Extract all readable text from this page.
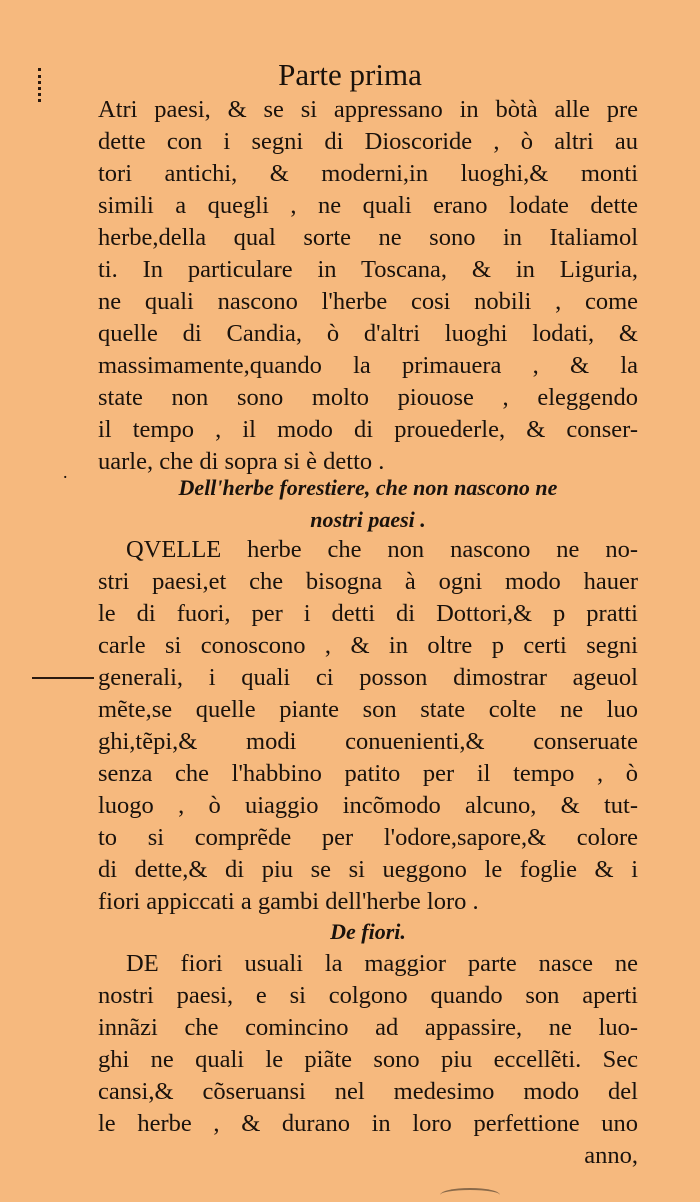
.
Parte prima
Atri paesi, & se si appressano in bòtà alle pre
dette con i segni di Dioscoride , ò altri au
tori antichi, & moderni,in luoghi,& monti
simili a quegli , ne quali erano lodate dette
herbe,della qual sorte ne sono in Italiamol
ti. In particulare in Toscana, & in Liguria,
ne quali nascono l'herbe cosi nobili , come
quelle di Candia, ò d'altri luoghi lodati, &
massimamente,quando la primauera , & la
state non sono molto piouose , eleggendo
il tempo , il modo di prouederle, & conser-
uarle, che di sopra si è detto .
Dell'herbe forestiere, che non nascono ne
nostri paesi .
QVELLE herbe che non nascono ne no-
stri paesi,et che bisogna à ogni modo hauer
le di fuori, per i detti di Dottori,& p pratti
carle si conoscono , & in oltre p certi segni
generali, i quali ci posson dimostrar ageuol
mẽte,se quelle piante son state colte ne luo
ghi,tẽpi,& modi conuenienti,& conseruate
senza che l'habbino patito per il tempo , ò
luogo , ò uiaggio incõmodo alcuno, & tut-
to si comprẽde per l'odore,sapore,& colore
di dette,& di piu se si ueggono le foglie & i
fiori appiccati a gambi dell'herbe loro .
De fiori.
DE fiori usuali la maggior parte nasce ne
nostri paesi, e si colgono quando son aperti
innãzi che comincino ad appassire, ne luo-
ghi ne quali le piãte sono piu eccellẽti. Sec
cansi,& cõseruansi nel medesimo modo del
le herbe , & durano in loro perfettione uno
anno,
